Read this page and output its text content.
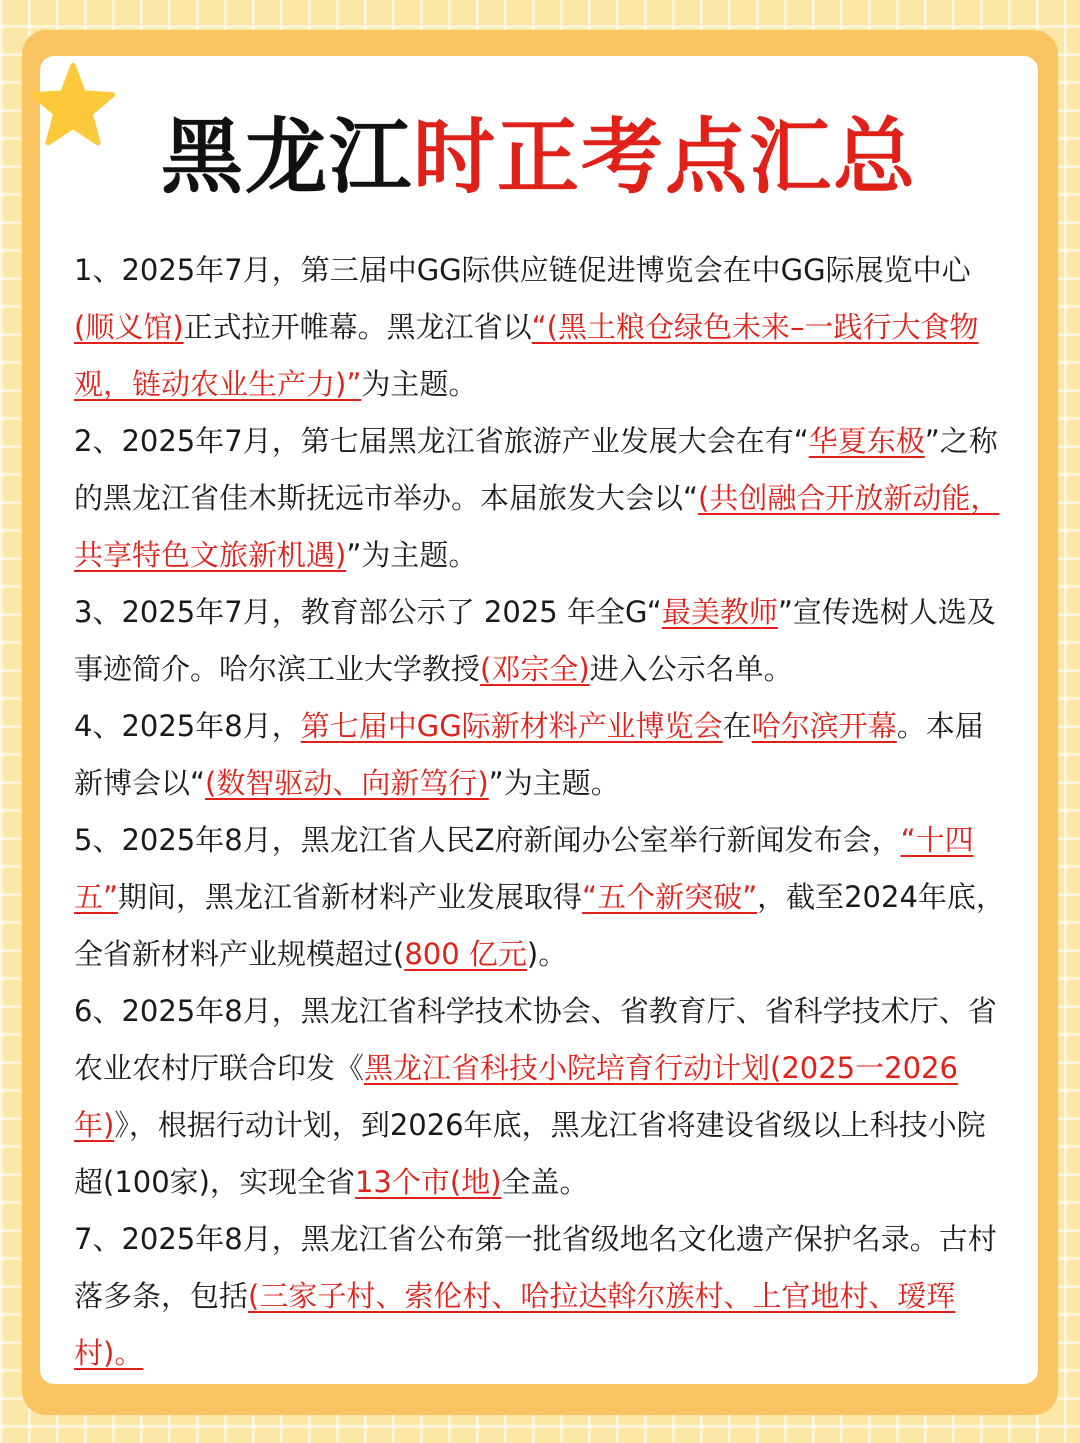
黑龙江时正考点汇总

1、2025年7月，第三届中GG际供应链促进博览会在中GG际展览中心(顺义馆)正式拉开帷幕。黑龙江省以“(黑土粮仓绿色未来–一践行大食物观，链动农业生产力)”为主题。

2、2025年7月，第七届黑龙江省旅游产业发展大会在有“华夏东极”之称的黑龙江省佳木斯抚远市举办。本届旅发大会以“(共创融合开放新动能，共享特色文旅新机遇)”为主题。

3、2025年7月，教育部公示了 2025 年全G“最美教师”宣传选树人选及事迹简介。哈尔滨工业大学教授(邓宗全)进入公示名单。

4、2025年8月，第七届中GG际新材料产业博览会在哈尔滨开幕。本届新博会以“(数智驱动、向新笃行)”为主题。

5、2025年8月，黑龙江省人民Z府新闻办公室举行新闻发布会，“十四五”期间，黑龙江省新材料产业发展取得“五个新突破”，截至2024年底，全省新材料产业规模超过(800 亿元)。

6、2025年8月，黑龙江省科学技术协会、省教育厅、省科学技术厅、省农业农村厅联合印发《黑龙江省科技小院培育行动计划(2025一2026年)》，根据行动计划，到2026年底，黑龙江省将建设省级以上科技小院超(100家)，实现全省13个市(地)全盖。

7、2025年8月，黑龙江省公布第一批省级地名文化遗产保护名录。古村落多条，包括(三家子村、索伦村、哈拉达斡尔族村、上官地村、瑷珲村)。
